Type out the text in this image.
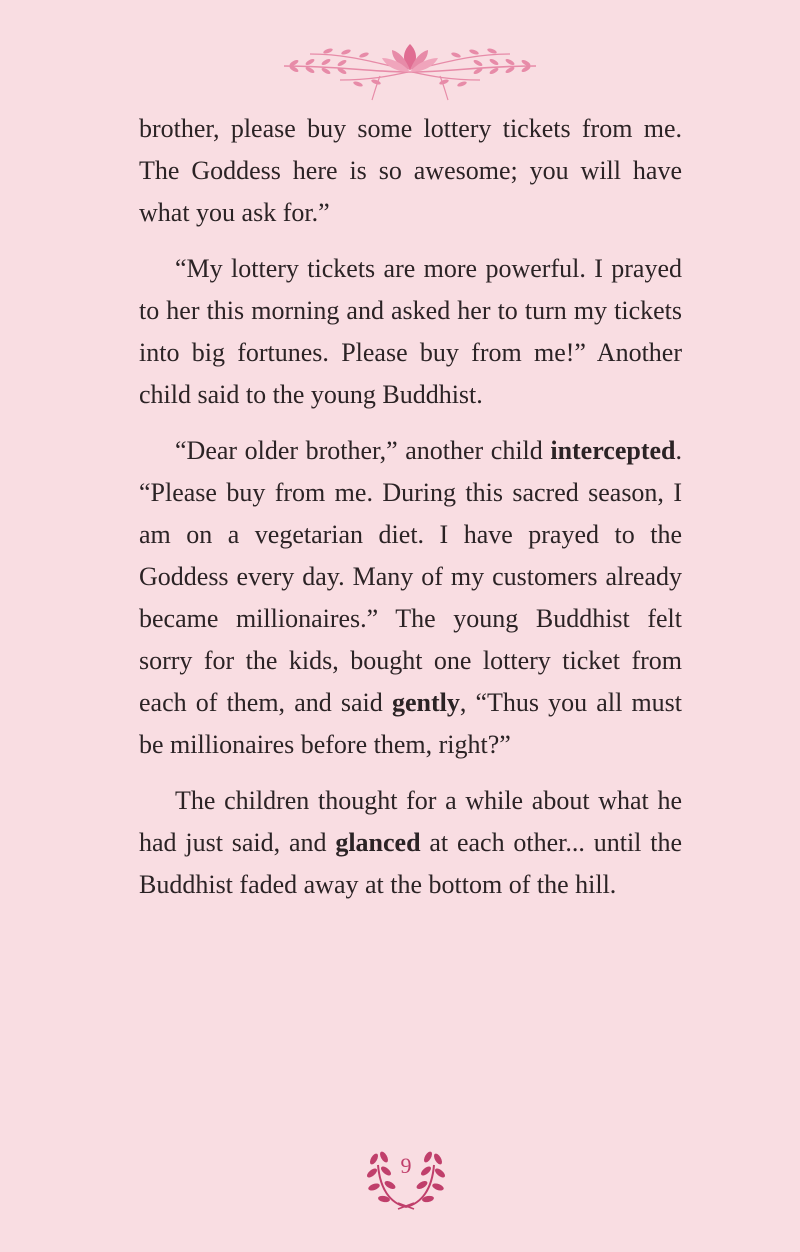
brother, please buy some lottery tickets from me. The Goddess here is so awesome; you will have what you ask for.”

“My lottery tickets are more powerful. I prayed to her this morning and asked her to turn my tickets into big fortunes. Please buy from me!” Another child said to the young Buddhist.

“Dear older brother,” another child intercepted. “Please buy from me. During this sacred season, I am on a vegetarian diet. I have prayed to the Goddess every day. Many of my customers already became millionaires.” The young Buddhist felt sorry for the kids, bought one lottery ticket from each of them, and said gently, “Thus you all must be millionaires before them, right?”

The children thought for a while about what he had just said, and glanced at each other... until the Buddhist faded away at the bottom of the hill.

9
